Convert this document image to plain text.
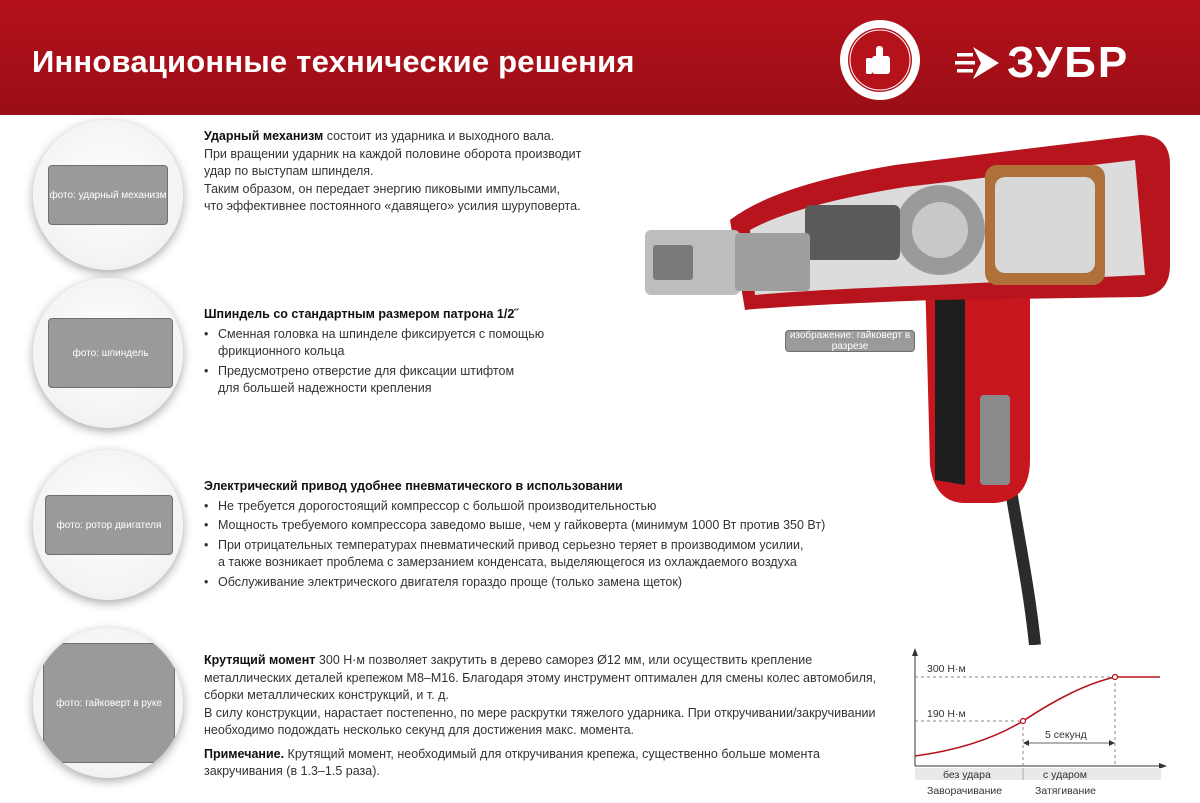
Инновационные технические решения	ЗУБР
фото: ударный механизм
Ударный механизм состоит из ударника и выходного вала.
При вращении ударник на каждой половине оборота производит
удар по выступам шпинделя.
Таким образом, он передает энергию пиковыми импульсами,
что эффективнее постоянного «давящего» усилия шуруповерта.
фото: шпиндель
Шпиндель со стандартным размером патрона 1/2˝
• Сменная головка на шпинделе фиксируется с помощью
фрикционного кольца
• Предусмотрено отверстие для фиксации штифтом
для большей надежности крепления
фото: ротор двигателя
Электрический привод удобнее пневматического в использовании
• Не требуется дорогостоящий компрессор с большой производительностью
• Мощность требуемого компрессора заведомо выше, чем у гайковерта (минимум 1000 Вт против 350 Вт)
• При отрицательных температурах пневматический привод серьезно теряет в производимом усилии,
а также возникает проблема с замерзанием конденсата, выделяющегося из охлаждаемого воздуха
• Обслуживание электрического двигателя гораздо проще (только замена щеток)
фото: гайковерт в руке
Крутящий момент 300 Н·м позволяет закрутить в дерево саморез Ø12 мм, или осуществить крепление
металлических деталей крепежом М8–М16. Благодаря этому инструмент оптимален для смены колес автомобиля,
сборки металлических конструкций, и т. д.
В силу конструкции, нарастает постепенно, по мере раскрутки тяжелого ударника. При откручивании/закручивании
необходимо подождать несколько секунд для достижения макс. момента.
Примечание. Крутящий момент, необходимый для откручивания крепежа, существенно больше момента
закручивания (в 1.3–1.5 раза).
изображение: гайковерт в разрезе
300 Н·м
190 Н·м
5 секунд
без удара	с ударом
Заворачивание	Затягивание
